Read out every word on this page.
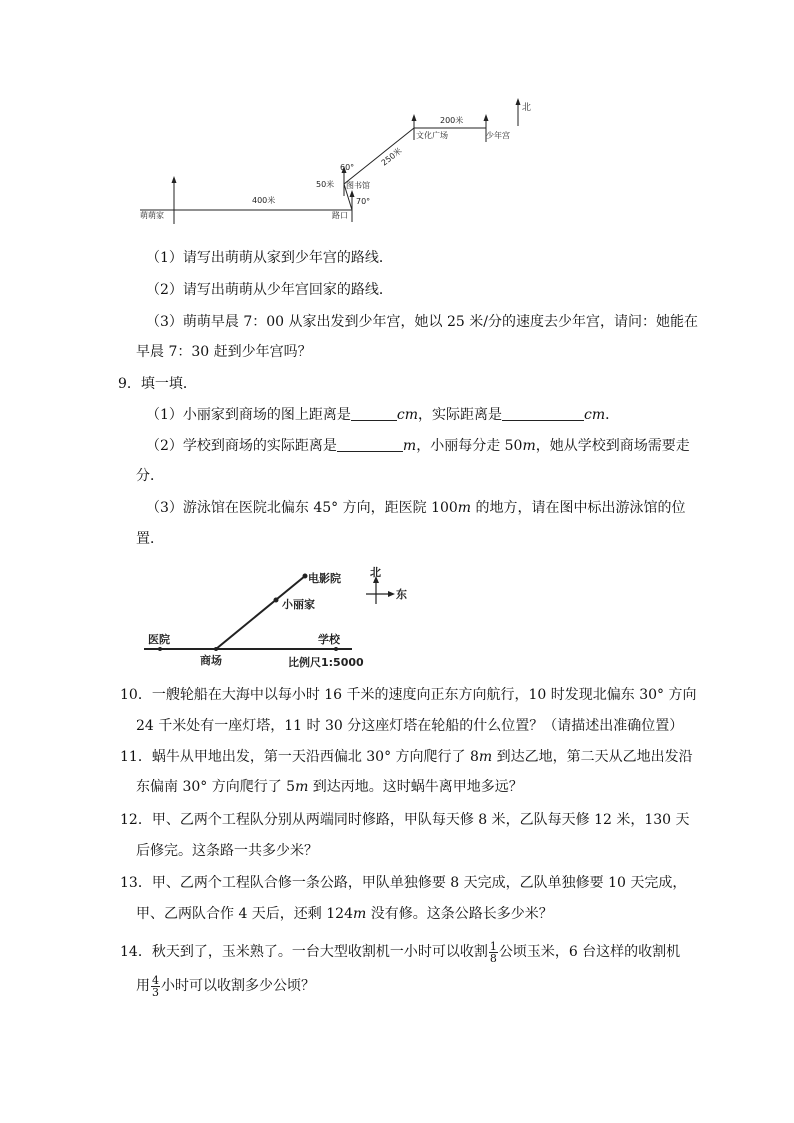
北
400米
萌萌家	路口
70°
50米 图书馆
60°	250米
200米
文化广场	少年宫
（1）请写出萌萌从家到少年宫的路线．
（2）请写出萌萌从少年宫回家的路线．
（3）萌萌早晨 7：00 从家出发到少年宫，她以 25 米/分的速度去少年宫，请问：她能在
早晨 7：30 赶到少年宫吗？
9．填一填．
（1）小丽家到商场的图上距离是	cm，实际距离是	cm．
（2）学校到商场的实际距离是	m，小丽每分走 50m，她从学校到商场需要走
分．
（3）游泳馆在医院北偏东 45° 方向，距医院 100m 的地方，请在图中标出游泳馆的位
置．
北
东
电影院
小丽家
医院	学校
商场	比例尺1:5000
10．一艘轮船在大海中以每小时 16 千米的速度向正东方向航行，10 时发现北偏东 30° 方向
24 千米处有一座灯塔，11 时 30 分这座灯塔在轮船的什么位置？（请描述出准确位置）
11．蜗牛从甲地出发，第一天沿西偏北 30° 方向爬行了 8m 到达乙地，第二天从乙地出发沿
东偏南 30° 方向爬行了 5m 到达丙地。这时蜗牛离甲地多远？
12．甲、乙两个工程队分别从两端同时修路，甲队每天修 8 米，乙队每天修 12 米，130 天
后修完。这条路一共多少米？
13．甲、乙两个工程队合修一条公路，甲队单独修要 8 天完成，乙队单独修要 10 天完成，
甲、乙两队合作 4 天后，还剩 124m 没有修。这条公路长多少米？
14．秋天到了，玉米熟了。一台大型收割机一小时可以收割 $\frac{1}{8}$ 公顷玉米，6 台这样的收割机
用 $\frac{4}{3}$ 小时可以收割多少公顷？
